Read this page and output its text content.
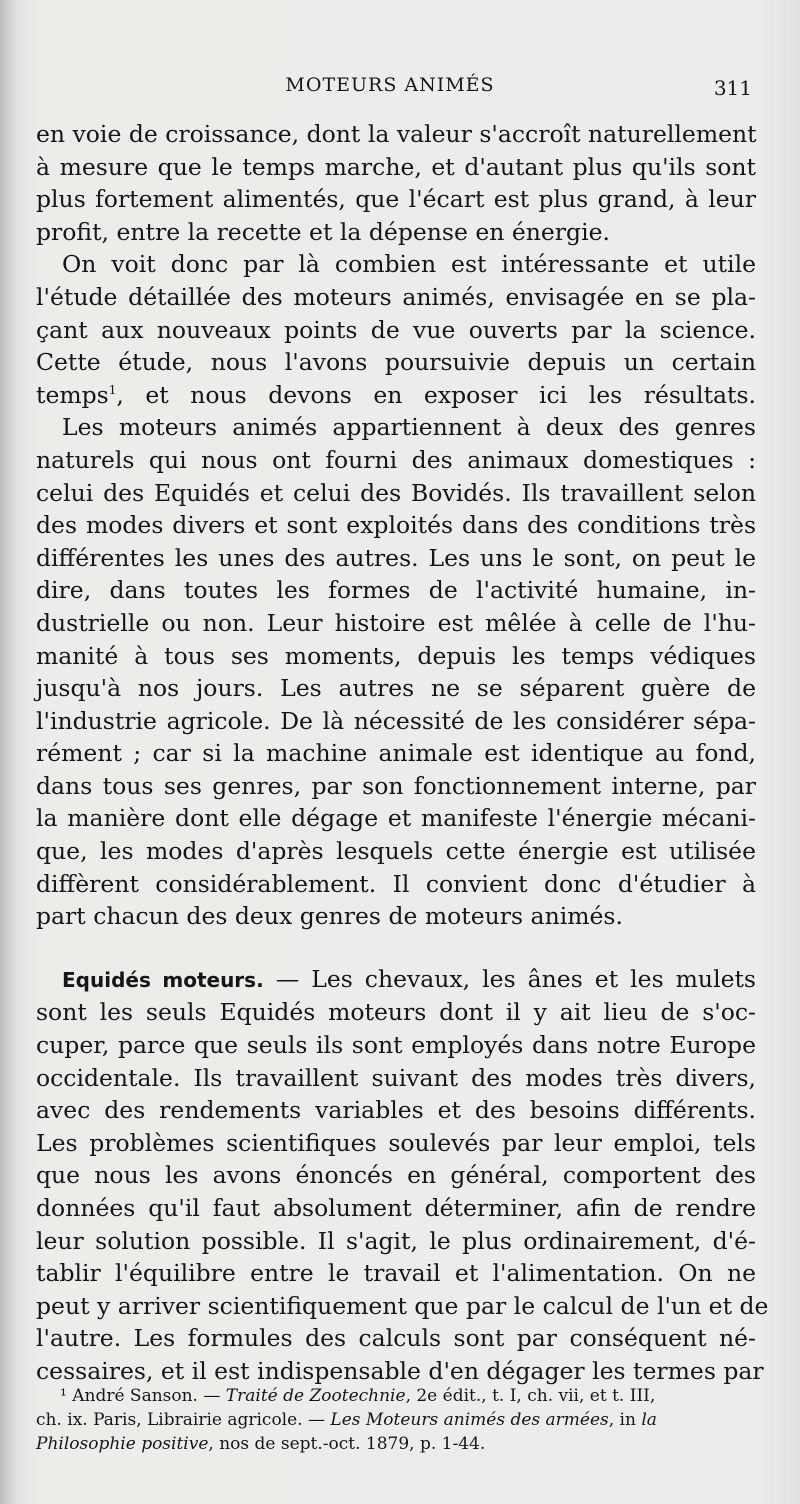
MOTEURS ANIMÉS	311
en voie de croissance, dont la valeur s'accroît naturellement
à mesure que le temps marche, et d'autant plus qu'ils sont
plus fortement alimentés, que l'écart est plus grand, à leur
profit, entre la recette et la dépense en énergie.
On voit donc par là combien est intéressante et utile
l'étude détaillée des moteurs animés, envisagée en se pla-
çant aux nouveaux points de vue ouverts par la science.
Cette étude, nous l'avons poursuivie depuis un certain
temps$^1$, et nous devons en exposer ici les résultats.
Les moteurs animés appartiennent à deux des genres
naturels qui nous ont fourni des animaux domestiques :
celui des Equidés et celui des Bovidés. Ils travaillent selon
des modes divers et sont exploités dans des conditions très
différentes les unes des autres. Les uns le sont, on peut le
dire, dans toutes les formes de l'activité humaine, in-
dustrielle ou non. Leur histoire est mêlée à celle de l'hu-
manité à tous ses moments, depuis les temps védiques
jusqu'à nos jours. Les autres ne se séparent guère de
l'industrie agricole. De là nécessité de les considérer sépa-
rément ; car si la machine animale est identique au fond,
dans tous ses genres, par son fonctionnement interne, par
la manière dont elle dégage et manifeste l'énergie mécani-
que, les modes d'après lesquels cette énergie est utilisée
diffèrent considérablement. Il convient donc d'étudier à
part chacun des deux genres de moteurs animés.
Equidés moteurs. — Les chevaux, les ânes et les mulets
sont les seuls Equidés moteurs dont il y ait lieu de s'oc-
cuper, parce que seuls ils sont employés dans notre Europe
occidentale. Ils travaillent suivant des modes très divers,
avec des rendements variables et des besoins différents.
Les problèmes scientifiques soulevés par leur emploi, tels
que nous les avons énoncés en général, comportent des
données qu'il faut absolument déterminer, afin de rendre
leur solution possible. Il s'agit, le plus ordinairement, d'é-
tablir l'équilibre entre le travail et l'alimentation. On ne
peut y arriver scientifiquement que par le calcul de l'un et de
l'autre. Les formules des calculs sont par conséquent né-
cessaires, et il est indispensable d'en dégager les termes par
¹ André Sanson. — Traité de Zootechnie, 2e édit., t. I, ch. vii, et t. III,
ch. ix. Paris, Librairie agricole. — Les Moteurs animés des armées, in la
Philosophie positive, nos de sept.-oct. 1879, p. 1-44.
